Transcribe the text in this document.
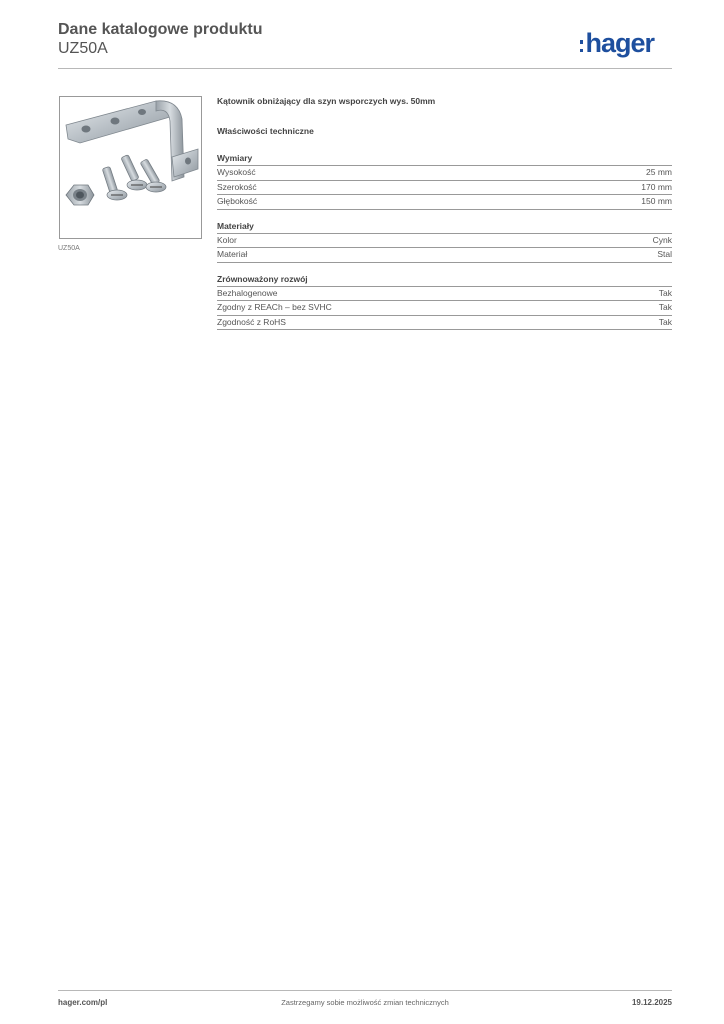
Dane katalogowe produktu
UZ50A	hager
UZ50A
Kątownik obniżający dla szyn wsporczych wys. 50mm
Właściwości techniczne
Wymiary
Wysokość	25 mm
Szerokość	170 mm
Głębokość	150 mm
Materiały
Kolor	Cynk
Materiał	Stal
Zrównoważony rozwój
Bezhalogenowe	Tak
Zgodny z REACh – bez SVHC	Tak
Zgodność z RoHS	Tak
hager.com/pl	Zastrzegamy sobie możliwość zmian technicznych	19.12.2025
